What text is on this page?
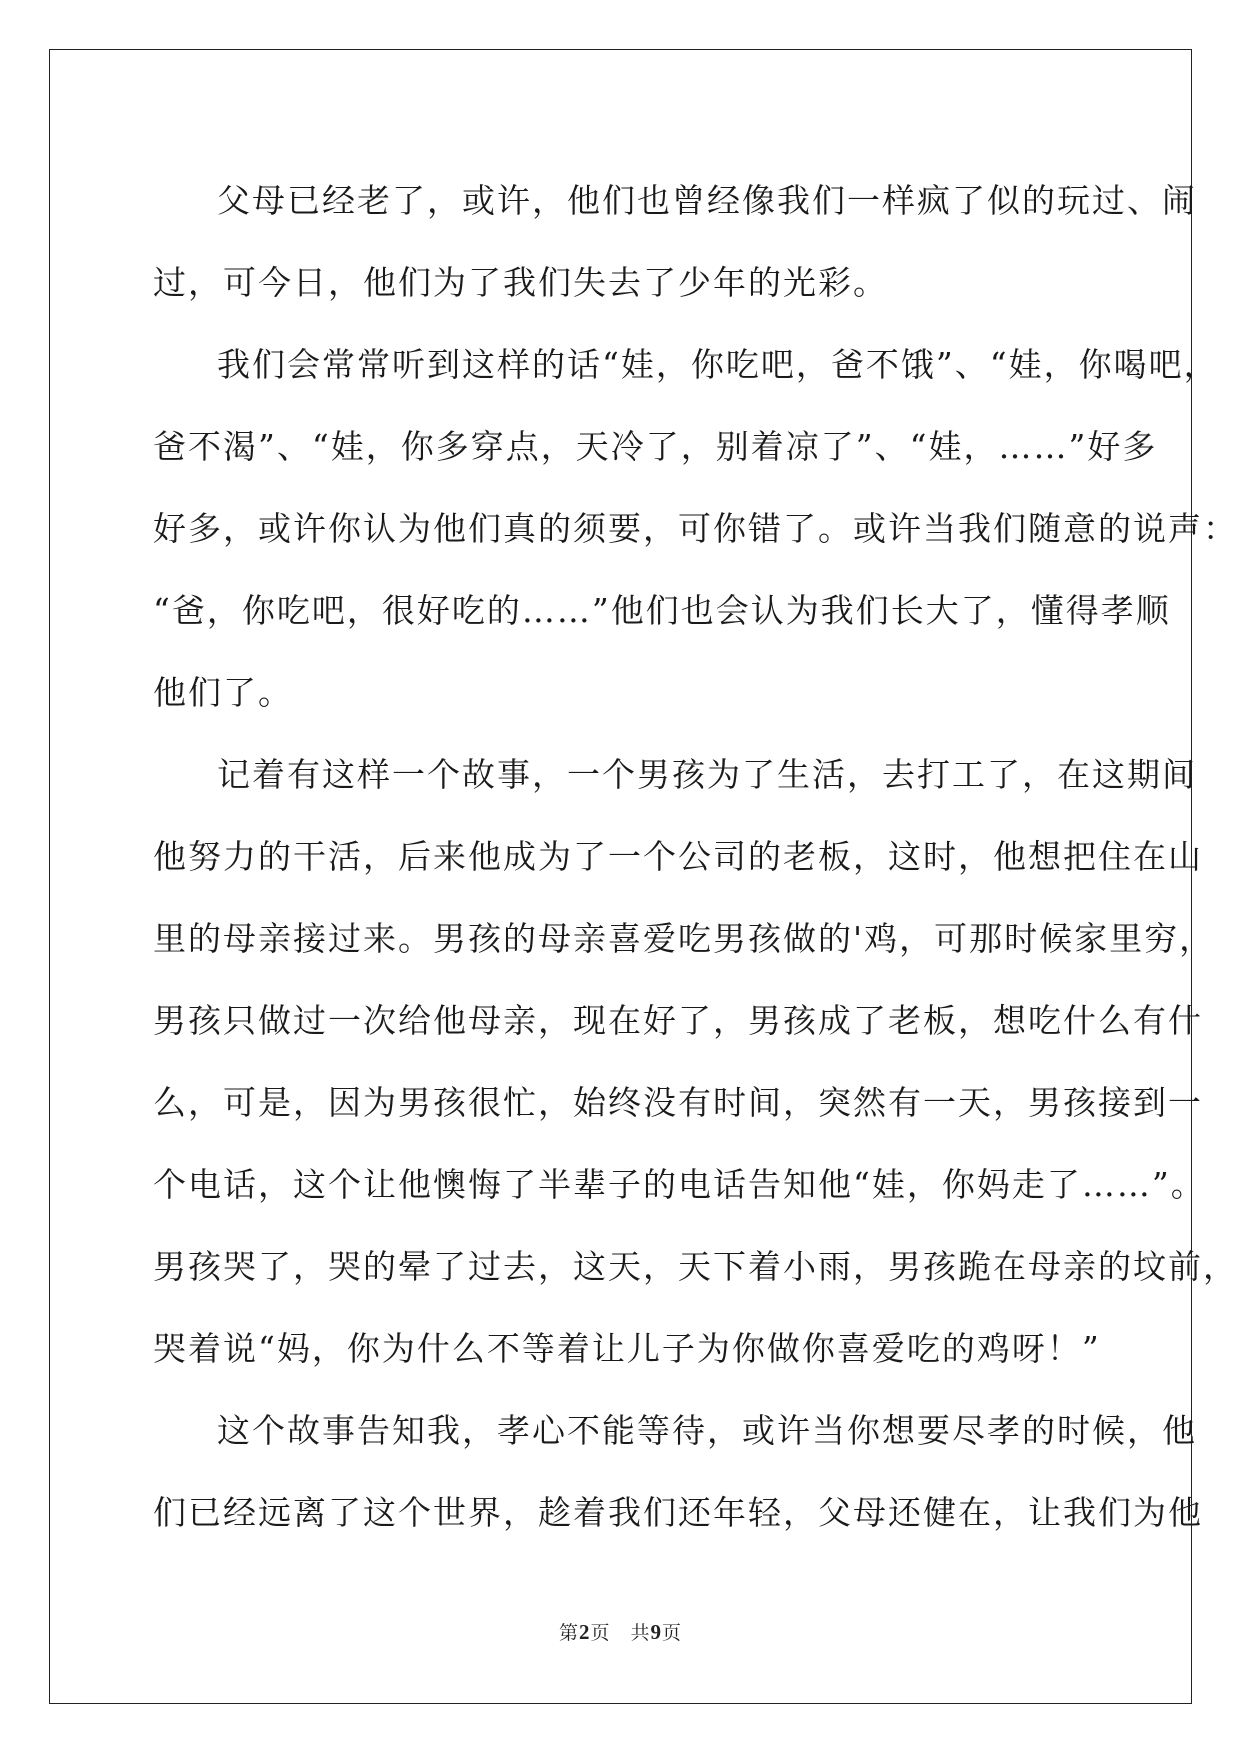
父母已经老了，或许，他们也曾经像我们一样疯了似的玩过、闹
过，可今日，他们为了我们失去了少年的光彩。

我们会常常听到这样的话“娃，你吃吧，爸不饿”、“娃，你喝吧，
爸不渴”、“娃，你多穿点，天冷了，别着凉了”、“娃，……”好多
好多，或许你认为他们真的须要，可你错了。或许当我们随意的说声：
“爸，你吃吧，很好吃的……”他们也会认为我们长大了，懂得孝顺
他们了。

记着有这样一个故事，一个男孩为了生活，去打工了，在这期间
他努力的干活，后来他成为了一个公司的老板，这时，他想把住在山
里的母亲接过来。男孩的母亲喜爱吃男孩做的'鸡，可那时候家里穷，
男孩只做过一次给他母亲，现在好了，男孩成了老板，想吃什么有什
么，可是，因为男孩很忙，始终没有时间，突然有一天，男孩接到一
个电话，这个让他懊悔了半辈子的电话告知他“娃，你妈走了……”。
男孩哭了，哭的晕了过去，这天，天下着小雨，男孩跪在母亲的坟前，
哭着说“妈，你为什么不等着让儿子为你做你喜爱吃的鸡呀！”

这个故事告知我，孝心不能等待，或许当你想要尽孝的时候，他
们已经远离了这个世界，趁着我们还年轻，父母还健在，让我们为他

第2页 共9页
